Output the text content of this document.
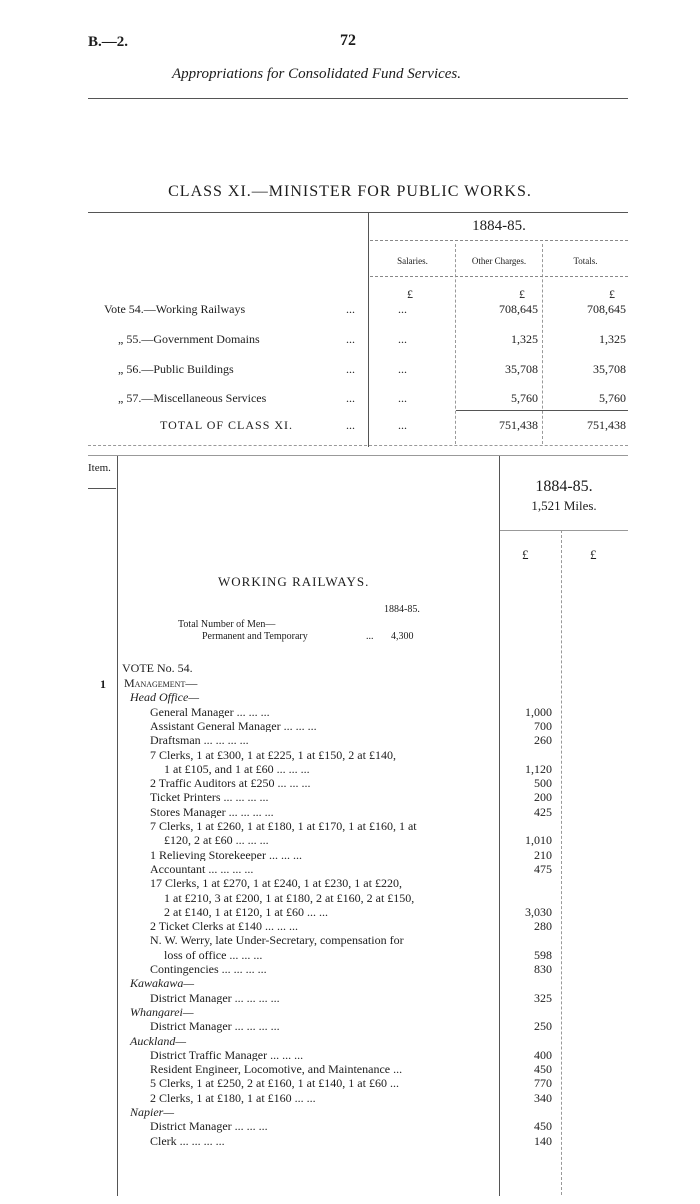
B.—2.	72
Appropriations for Consolidated Fund Services.
CLASS XI.—MINISTER FOR PUBLIC WORKS.
1884-85.
Salaries.	Other Charges.	Totals.
£	£	£
Vote 54.—Working Railways	...	...	708,645	708,645
„ 55.—Government Domains	...	...	1,325	1,325
„ 56.—Public Buildings	...	...	35,708	35,708
„ 57.—Miscellaneous Services	...	...	5,760	5,760
TOTAL OF CLASS XI.	...	...	751,438	751,438
Item.
1884-85.
1,521 Miles.
£	£
WORKING RAILWAYS.
1884-85.
Total Number of Men—
Permanent and Temporary	... 4,300
VOTE No. 54.
1	Management—
Head Office—
General Manager ... ... ...	1,000
Assistant General Manager ... ... ...	700
Draftsman ... ... ... ...	260
7 Clerks, 1 at £300, 1 at £225, 1 at £150, 2 at £140,
1 at £105, and 1 at £60 ... ... ...	1,120
2 Traffic Auditors at £250 ... ... ...	500
Ticket Printers ... ... ... ...	200
Stores Manager ... ... ... ...	425
7 Clerks, 1 at £260, 1 at £180, 1 at £170, 1 at £160, 1 at
£120, 2 at £60 ... ... ...	1,010
1 Relieving Storekeeper ... ... ...	210
Accountant ... ... ... ...	475
17 Clerks, 1 at £270, 1 at £240, 1 at £230, 1 at £220,
1 at £210, 3 at £200, 1 at £180, 2 at £160, 2 at £150,
2 at £140, 1 at £120, 1 at £60 ... ...	3,030
2 Ticket Clerks at £140 ... ... ...	280
N. W. Werry, late Under-Secretary, compensation for
loss of office ... ... ...	598
Contingencies ... ... ... ...	830
Kawakawa—
District Manager ... ... ... ...	325
Whangarei—
District Manager ... ... ... ...	250
Auckland—
District Traffic Manager ... ... ...	400
Resident Engineer, Locomotive, and Maintenance ...	450
5 Clerks, 1 at £250, 2 at £160, 1 at £140, 1 at £60 ...	770
2 Clerks, 1 at £180, 1 at £160 ... ...	340
Napier—
District Manager ... ... ...	450
Clerk ... ... ... ...	140
